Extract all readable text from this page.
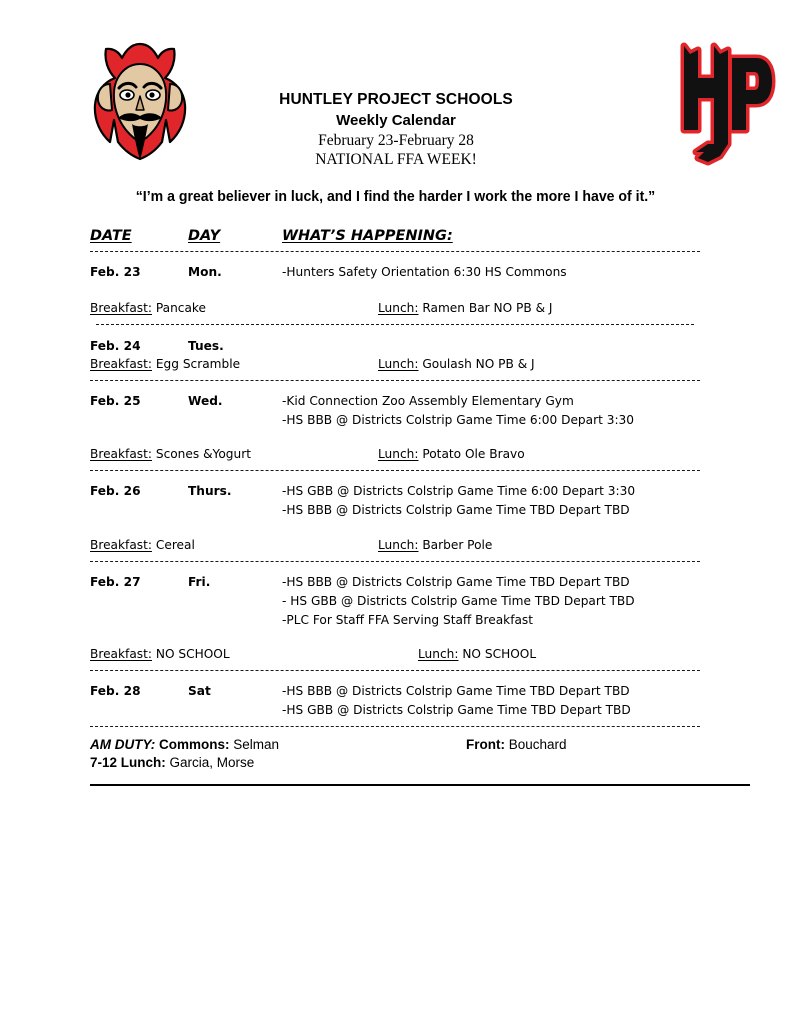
HUNTLEY PROJECT SCHOOLS
Weekly Calendar
February 23-February 28
NATIONAL FFA WEEK!
“I’m a great believer in luck, and I find the harder I work the more I have of it.”
DATE	DAY	WHAT’S HAPPENING:
Feb. 23	Mon.	-Hunters Safety Orientation 6:30 HS Commons
Breakfast: Pancake	Lunch: Ramen Bar NO PB & J
Feb. 24	Tues.
Breakfast: Egg Scramble	Lunch: Goulash NO PB & J
Feb. 25	Wed.	-Kid Connection Zoo Assembly Elementary Gym
-HS BBB @ Districts Colstrip Game Time 6:00 Depart 3:30
Breakfast: Scones &Yogurt	Lunch: Potato Ole Bravo
Feb. 26	Thurs.	-HS GBB @ Districts Colstrip Game Time 6:00 Depart 3:30
-HS BBB @ Districts Colstrip Game Time TBD Depart TBD
Breakfast: Cereal	Lunch: Barber Pole
Feb. 27	Fri.	-HS BBB @ Districts Colstrip Game Time TBD Depart TBD
- HS GBB @ Districts Colstrip Game Time TBD Depart TBD
-PLC For Staff FFA Serving Staff Breakfast
Breakfast: NO SCHOOL	Lunch: NO SCHOOL
Feb. 28	Sat	-HS BBB @ Districts Colstrip Game Time TBD Depart TBD
-HS GBB @ Districts Colstrip Game Time TBD Depart TBD
AM DUTY: Commons: Selman	Front: Bouchard
7-12 Lunch: Garcia, Morse
